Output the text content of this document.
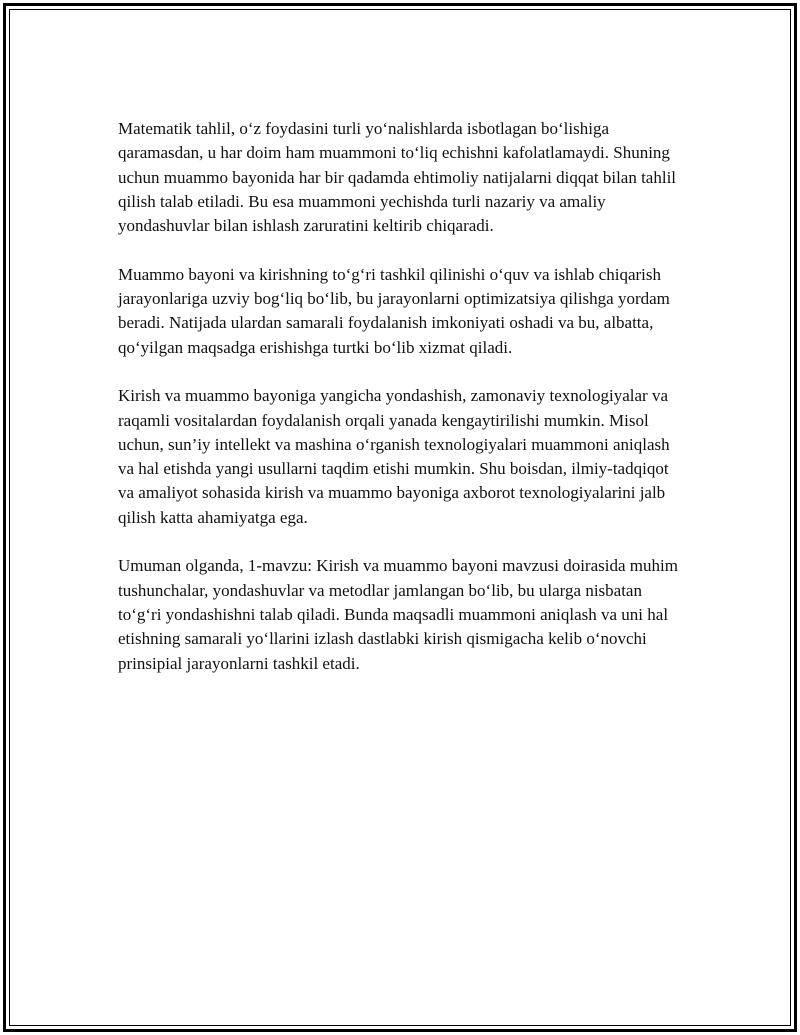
Matematik tahlil, o‘z foydasini turli yo‘nalishlarda isbotlagan bo‘lishiga qaramasdan, u har doim ham muammoni to‘liq echishni kafolatlamaydi. Shuning uchun muammo bayonida har bir qadamda ehtimoliy natijalarni diqqat bilan tahlil qilish talab etiladi. Bu esa muammoni yechishda turli nazariy va amaliy yondashuvlar bilan ishlash zaruratini keltirib chiqaradi.

Muammo bayoni va kirishning to‘g‘ri tashkil qilinishi o‘quv va ishlab chiqarish jarayonlariga uzviy bog‘liq bo‘lib, bu jarayonlarni optimizatsiya qilishga yordam beradi. Natijada ulardan samarali foydalanish imkoniyati oshadi va bu, albatta, qo‘yilgan maqsadga erishishga turtki bo‘lib xizmat qiladi.

Kirish va muammo bayoniga yangicha yondashish, zamonaviy texnologiyalar va raqamli vositalardan foydalanish orqali yanada kengaytirilishi mumkin. Misol uchun, sun’iy intellekt va mashina o‘rganish texnologiyalari muammoni aniqlash va hal etishda yangi usullarni taqdim etishi mumkin. Shu boisdan, ilmiy-tadqiqot va amaliyot sohasida kirish va muammo bayoniga axborot texnologiyalarini jalb qilish katta ahamiyatga ega.

Umuman olganda, 1-mavzu: Kirish va muammo bayoni mavzusi doirasida muhim tushunchalar, yondashuvlar va metodlar jamlangan bo‘lib, bu ularga nisbatan to‘g‘ri yondashishni talab qiladi. Bunda maqsadli muammoni aniqlash va uni hal etishning samarali yo‘llarini izlash dastlabki kirish qismigacha kelib o‘novchi prinsipial jarayonlarni tashkil etadi.
